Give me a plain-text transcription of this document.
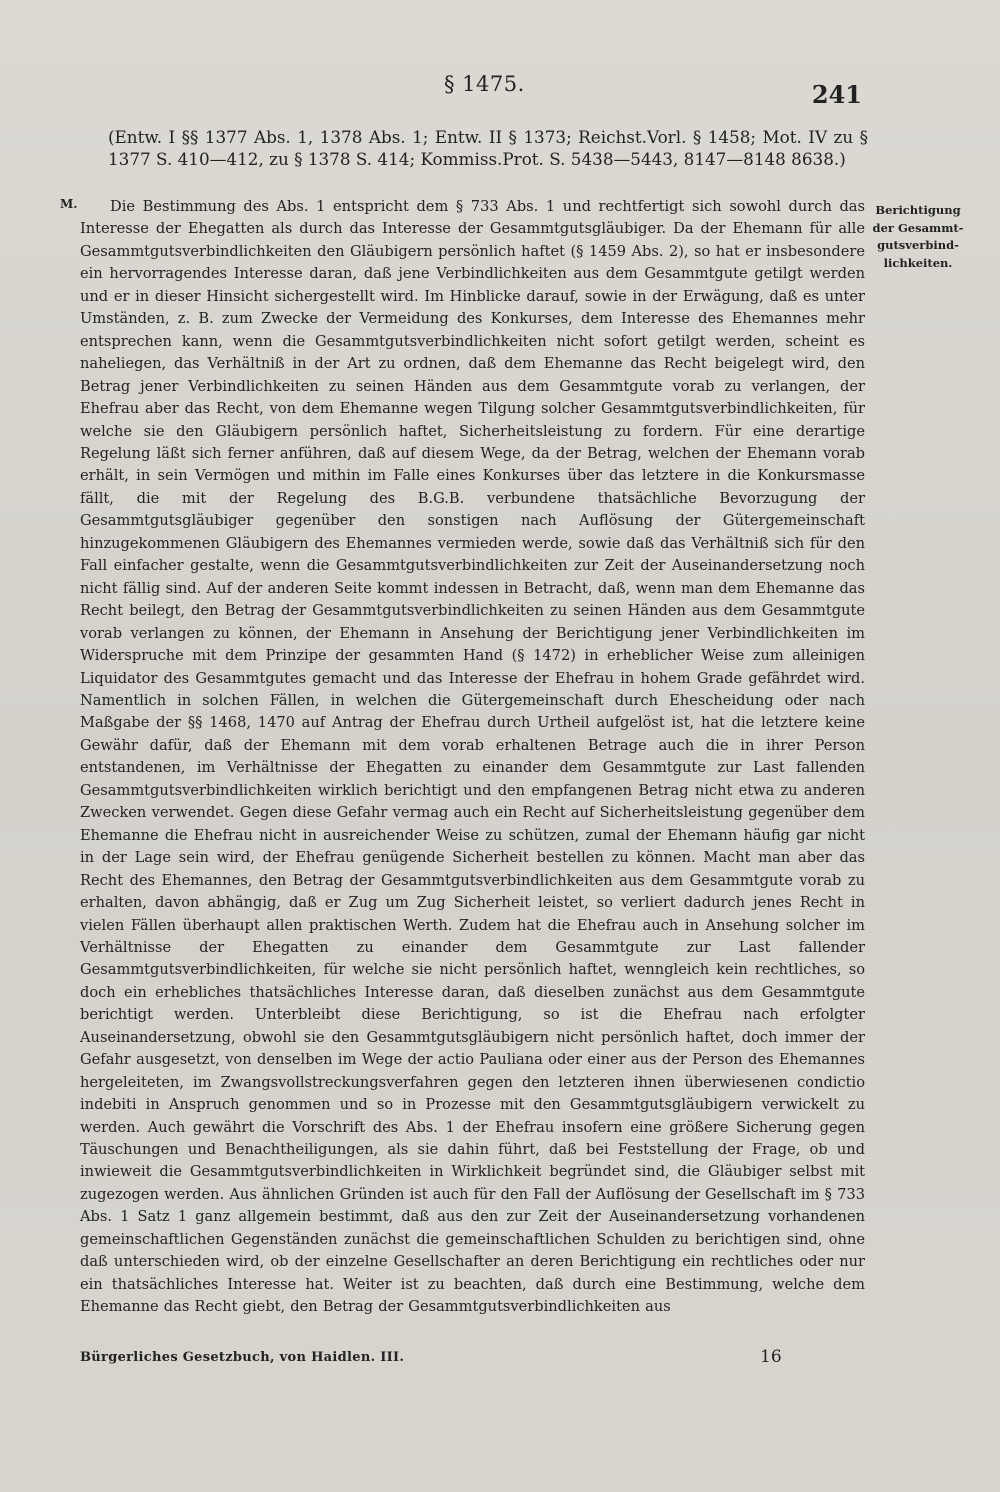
§ 1475.	241
(Entw. I §§ 1377 Abs. 1, 1378 Abs. 1; Entw. II § 1373; Reichst.Vorl. § 1458; Mot. IV zu § 1377 S. 410—412, zu § 1378 S. 414; Kommiss.Prot. S. 5438—5443, 8147—8148 8638.)
M.	Berichtigung
der Gesammt-
gutsverbind-
lichkeiten.

Die Bestimmung des Abs. 1 entspricht dem § 733 Abs. 1 und rechtfertigt sich sowohl durch das Interesse der Ehegatten als durch das Interesse der Gesammtgutsgläubiger. Da der Ehemann für alle Gesammtgutsverbindlichkeiten den Gläubigern persönlich haftet (§ 1459 Abs. 2), so hat er insbesondere ein hervorragendes Interesse daran, daß jene Verbindlichkeiten aus dem Gesammtgute getilgt werden und er in dieser Hinsicht sichergestellt wird. Im Hinblicke darauf, sowie in der Erwägung, daß es unter Umständen, z. B. zum Zwecke der Vermeidung des Konkurses, dem Interesse des Ehemannes mehr entsprechen kann, wenn die Gesammtgutsverbindlichkeiten nicht sofort getilgt werden, scheint es naheliegen, das Verhältniß in der Art zu ordnen, daß dem Ehemanne das Recht beigelegt wird, den Betrag jener Verbindlichkeiten zu seinen Händen aus dem Gesammtgute vorab zu verlangen, der Ehefrau aber das Recht, von dem Ehemanne wegen Tilgung solcher Gesammtgutsverbindlichkeiten, für welche sie den Gläubigern persönlich haftet, Sicherheitsleistung zu fordern. Für eine derartige Regelung läßt sich ferner anführen, daß auf diesem Wege, da der Betrag, welchen der Ehemann vorab erhält, in sein Vermögen und mithin im Falle eines Konkurses über das letztere in die Konkursmasse fällt, die mit der Regelung des B.G.B. verbundene thatsächliche Bevorzugung der Gesammtgutsgläubiger gegenüber den sonstigen nach Auflösung der Gütergemeinschaft hinzugekommenen Gläubigern des Ehemannes vermieden werde, sowie daß das Verhältniß sich für den Fall einfacher gestalte, wenn die Gesammtgutsverbindlichkeiten zur Zeit der Auseinandersetzung noch nicht fällig sind. Auf der anderen Seite kommt indessen in Betracht, daß, wenn man dem Ehemanne das Recht beilegt, den Betrag der Gesammtgutsverbindlichkeiten zu seinen Händen aus dem Gesammtgute vorab verlangen zu können, der Ehemann in Ansehung der Berichtigung jener Verbindlichkeiten im Widerspruche mit dem Prinzipe der gesammten Hand (§ 1472) in erheblicher Weise zum alleinigen Liquidator des Gesammtgutes gemacht und das Interesse der Ehefrau in hohem Grade gefährdet wird. Namentlich in solchen Fällen, in welchen die Gütergemeinschaft durch Ehescheidung oder nach Maßgabe der §§ 1468, 1470 auf Antrag der Ehefrau durch Urtheil aufgelöst ist, hat die letztere keine Gewähr dafür, daß der Ehemann mit dem vorab erhaltenen Betrage auch die in ihrer Person entstandenen, im Verhältnisse der Ehegatten zu einander dem Gesammtgute zur Last fallenden Gesammtgutsverbindlichkeiten wirklich berichtigt und den empfangenen Betrag nicht etwa zu anderen Zwecken verwendet. Gegen diese Gefahr vermag auch ein Recht auf Sicherheitsleistung gegenüber dem Ehemanne die Ehefrau nicht in ausreichender Weise zu schützen, zumal der Ehemann häufig gar nicht in der Lage sein wird, der Ehefrau genügende Sicherheit bestellen zu können. Macht man aber das Recht des Ehemannes, den Betrag der Gesammtgutsverbindlichkeiten aus dem Gesammtgute vorab zu erhalten, davon abhängig, daß er Zug um Zug Sicherheit leistet, so verliert dadurch jenes Recht in vielen Fällen überhaupt allen praktischen Werth. Zudem hat die Ehefrau auch in Ansehung solcher im Verhältnisse der Ehegatten zu einander dem Gesammtgute zur Last fallender Gesammtgutsverbindlichkeiten, für welche sie nicht persönlich haftet, wenngleich kein rechtliches, so doch ein erhebliches thatsächliches Interesse daran, daß dieselben zunächst aus dem Gesammtgute berichtigt werden. Unterbleibt diese Berichtigung, so ist die Ehefrau nach erfolgter Auseinandersetzung, obwohl sie den Gesammtgutsgläubigern nicht persönlich haftet, doch immer der Gefahr ausgesetzt, von denselben im Wege der actio Pauliana oder einer aus der Person des Ehemannes hergeleiteten, im Zwangsvollstreckungsverfahren gegen den letzteren ihnen überwiesenen condictio indebiti in Anspruch genommen und so in Prozesse mit den Gesammtgutsgläubigern verwickelt zu werden. Auch gewährt die Vorschrift des Abs. 1 der Ehefrau insofern eine größere Sicherung gegen Täuschungen und Benachtheiligungen, als sie dahin führt, daß bei Feststellung der Frage, ob und inwieweit die Gesammtgutsverbindlichkeiten in Wirklichkeit begründet sind, die Gläubiger selbst mit zugezogen werden. Aus ähnlichen Gründen ist auch für den Fall der Auflösung der Gesellschaft im § 733 Abs. 1 Satz 1 ganz allgemein bestimmt, daß aus den zur Zeit der Auseinandersetzung vorhandenen gemeinschaftlichen Gegenständen zunächst die gemeinschaftlichen Schulden zu berichtigen sind, ohne daß unterschieden wird, ob der einzelne Gesellschafter an deren Berichtigung ein rechtliches oder nur ein thatsächliches Interesse hat. Weiter ist zu beachten, daß durch eine Bestimmung, welche dem Ehemanne das Recht giebt, den Betrag der Gesammtgutsverbindlichkeiten aus

Bürgerliches Gesetzbuch, von Haidlen. III.	16
